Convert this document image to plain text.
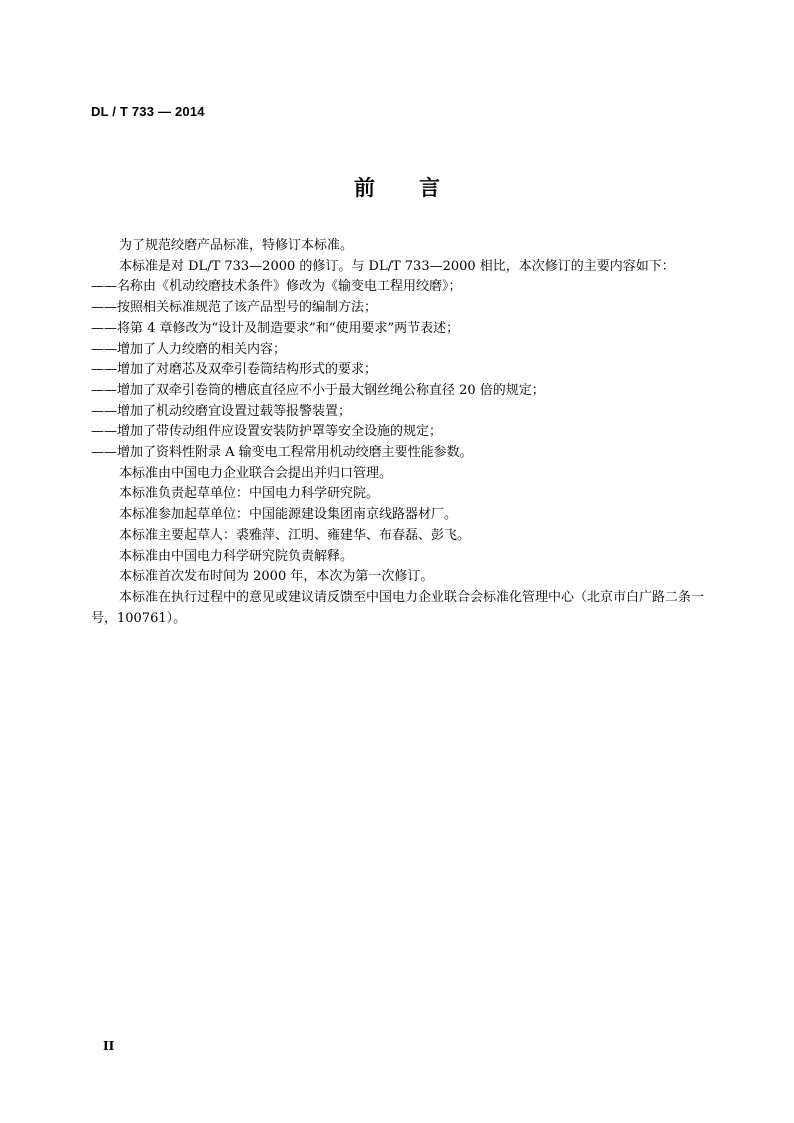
DL / T 733 — 2014
前言

为了规范绞磨产品标准，特修订本标准。

本标准是对 DL/T 733—2000 的修订。与 DL/T 733—2000 相比，本次修订的主要内容如下：

——名称由《机动绞磨技术条件》修改为《输变电工程用绞磨》；

——按照相关标准规范了该产品型号的编制方法；

——将第 4 章修改为“设计及制造要求”和“使用要求”两节表述；

——增加了人力绞磨的相关内容；

——增加了对磨芯及双牵引卷筒结构形式的要求；

——增加了双牵引卷筒的槽底直径应不小于最大钢丝绳公称直径 20 倍的规定；

——增加了机动绞磨宜设置过载等报警装置；

——增加了带传动组件应设置安装防护罩等安全设施的规定；

——增加了资料性附录 A 输变电工程常用机动绞磨主要性能参数。

本标准由中国电力企业联合会提出并归口管理。

本标准负责起草单位：中国电力科学研究院。

本标准参加起草单位：中国能源建设集团南京线路器材厂。

本标准主要起草人：裘雅萍、江明、雍建华、布春磊、彭飞。

本标准由中国电力科学研究院负责解释。

本标准首次发布时间为 2000 年，本次为第一次修订。

本标准在执行过程中的意见或建议请反馈至中国电力企业联合会标准化管理中心（北京市白广路二条一号，100761）。

II
